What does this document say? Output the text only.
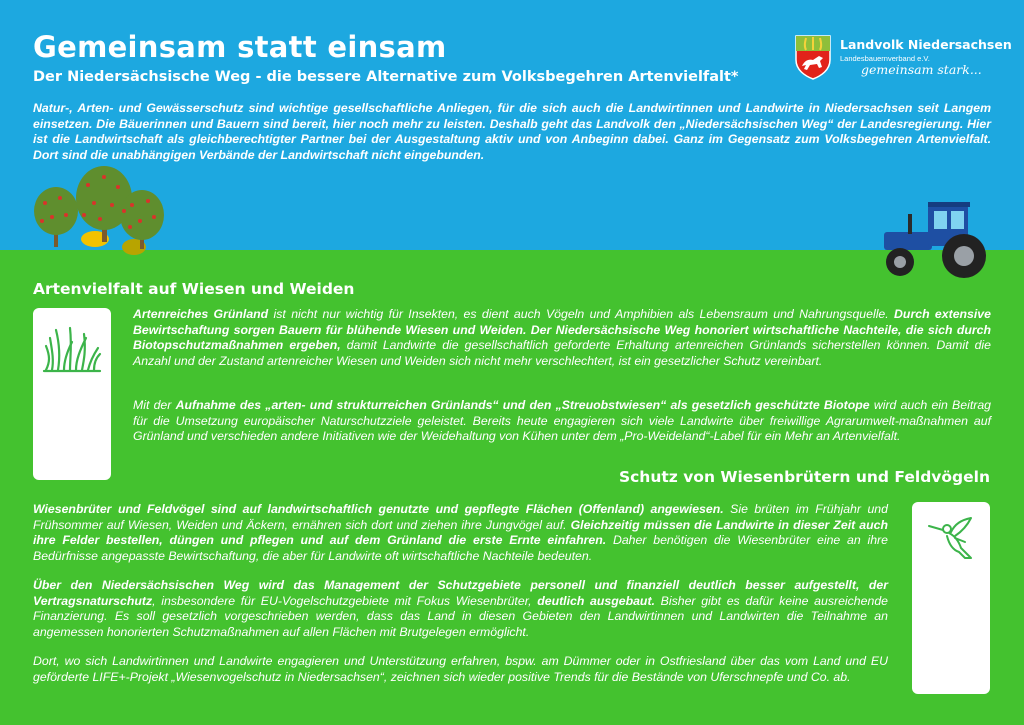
Gemeinsam statt einsam
Der Niedersächsische Weg - die bessere Alternative zum Volksbegehren Artenvielfalt*

Natur-, Arten- und Gewässerschutz sind wichtige gesellschaftliche Anliegen, für die sich auch die Landwirtinnen und Landwirte in Niedersachsen seit Langem einsetzen. Die Bäuerinnen und Bauern sind bereit, hier noch mehr zu leisten. Deshalb geht das Landvolk den „Niedersächsischen Weg“ der Landesregierung. Hier ist die Landwirtschaft als gleichberechtigter Partner bei der Ausgestaltung aktiv und von Anbeginn dabei. Ganz im Gegensatz zum Volksbegehren Artenvielfalt. Dort sind die unabhängigen Verbände der Landwirtschaft nicht eingebunden.

Landvolk Niedersachsen
Landesbauernverband e.V.
gemeinsam stark...
Artenvielfalt auf Wiesen und Weiden

Artenreiches Grünland ist nicht nur wichtig für Insekten, es dient auch Vögeln und Amphibien als Lebensraum und Nahrungsquelle. Durch extensive Bewirtschaftung sorgen Bauern für blühende Wiesen und Weiden. Der Niedersächsische Weg honoriert wirtschaftliche Nachteile, die sich durch Biotopschutzmaßnahmen ergeben, damit Landwirte die gesellschaftlich geforderte Erhaltung artenreichen Grünlands sicherstellen können. Damit die Anzahl und der Zustand artenreicher Wiesen und Weiden sich nicht mehr verschlechtert, ist ein gesetzlicher Schutz vereinbart.

Mit der Aufnahme des „arten- und strukturreichen Grünlands“ und den „Streuobstwiesen“ als gesetzlich geschützte Biotope wird auch ein Beitrag für die Umsetzung europäischer Naturschutzziele geleistet. Bereits heute engagieren sich viele Landwirte über freiwillige Agrarumwelt-maßnahmen auf Grünland und verschieden andere Initiativen wie der Weidehaltung von Kühen unter dem „Pro-Weideland“-Label für ein Mehr an Artenvielfalt.

Schutz von Wiesenbrütern und Feldvögeln

Wiesenbrüter und Feldvögel sind auf landwirtschaftlich genutzte und gepflegte Flächen (Offenland) angewiesen. Sie brüten im Frühjahr und Frühsommer auf Wiesen, Weiden und Äckern, ernähren sich dort und ziehen ihre Jungvögel auf. Gleichzeitig müssen die Landwirte in dieser Zeit auch ihre Felder bestellen, düngen und pflegen und auf dem Grünland die erste Ernte einfahren. Daher benötigen die Wiesenbrüter eine an ihre Bedürfnisse angepasste Bewirtschaftung, die aber für Landwirte oft wirtschaftliche Nachteile bedeuten.

Über den Niedersächsischen Weg wird das Management der Schutzgebiete personell und finanziell deutlich besser aufgestellt, der Vertragsnaturschutz, insbesondere für EU-Vogelschutzgebiete mit Fokus Wiesenbrüter, deutlich ausgebaut. Bisher gibt es dafür keine ausreichende Finanzierung. Es soll gesetzlich vorgeschrieben werden, dass das Land in diesen Gebieten den Landwirtinnen und Landwirten die Teilnahme an angemessen honorierten Schutzmaßnahmen auf allen Flächen mit Brutgelegen ermöglicht.

Dort, wo sich Landwirtinnen und Landwirte engagieren und Unterstützung erfahren, bspw. am Dümmer oder in Ostfriesland über das vom Land und EU geförderte LIFE+-Projekt „Wiesenvogelschutz in Niedersachsen“, zeichnen sich wieder positive Trends für die Bestände von Uferschnepfe und Co. ab.
